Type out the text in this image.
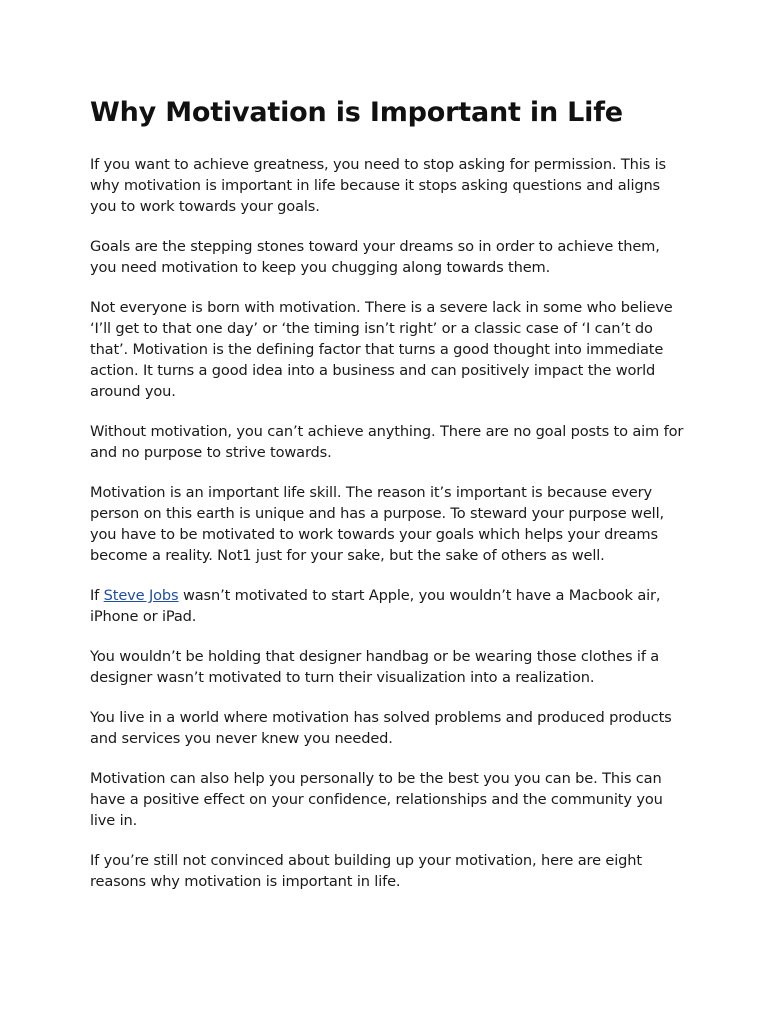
Why Motivation is Important in Life

If you want to achieve greatness, you need to stop asking for permission. This is why motivation is important in life because it stops asking questions and aligns you to work towards your goals.

Goals are the stepping stones toward your dreams so in order to achieve them, you need motivation to keep you chugging along towards them.

Not everyone is born with motivation. There is a severe lack in some who believe ‘I’ll get to that one day’ or ‘the timing isn’t right’ or a classic case of ‘I can’t do that’. Motivation is the defining factor that turns a good thought into immediate action. It turns a good idea into a business and can positively impact the world around you.

Without motivation, you can’t achieve anything. There are no goal posts to aim for and no purpose to strive towards.

Motivation is an important life skill. The reason it’s important is because every person on this earth is unique and has a purpose. To steward your purpose well, you have to be motivated to work towards your goals which helps your dreams become a reality. Not1 just for your sake, but the sake of others as well.

If Steve Jobs wasn’t motivated to start Apple, you wouldn’t have a Macbook air, iPhone or iPad.

You wouldn’t be holding that designer handbag or be wearing those clothes if a designer wasn’t motivated to turn their visualization into a realization.

You live in a world where motivation has solved problems and produced products and services you never knew you needed.

Motivation can also help you personally to be the best you you can be. This can have a positive effect on your confidence, relationships and the community you live in.

If you’re still not convinced about building up your motivation, here are eight reasons why motivation is important in life.
